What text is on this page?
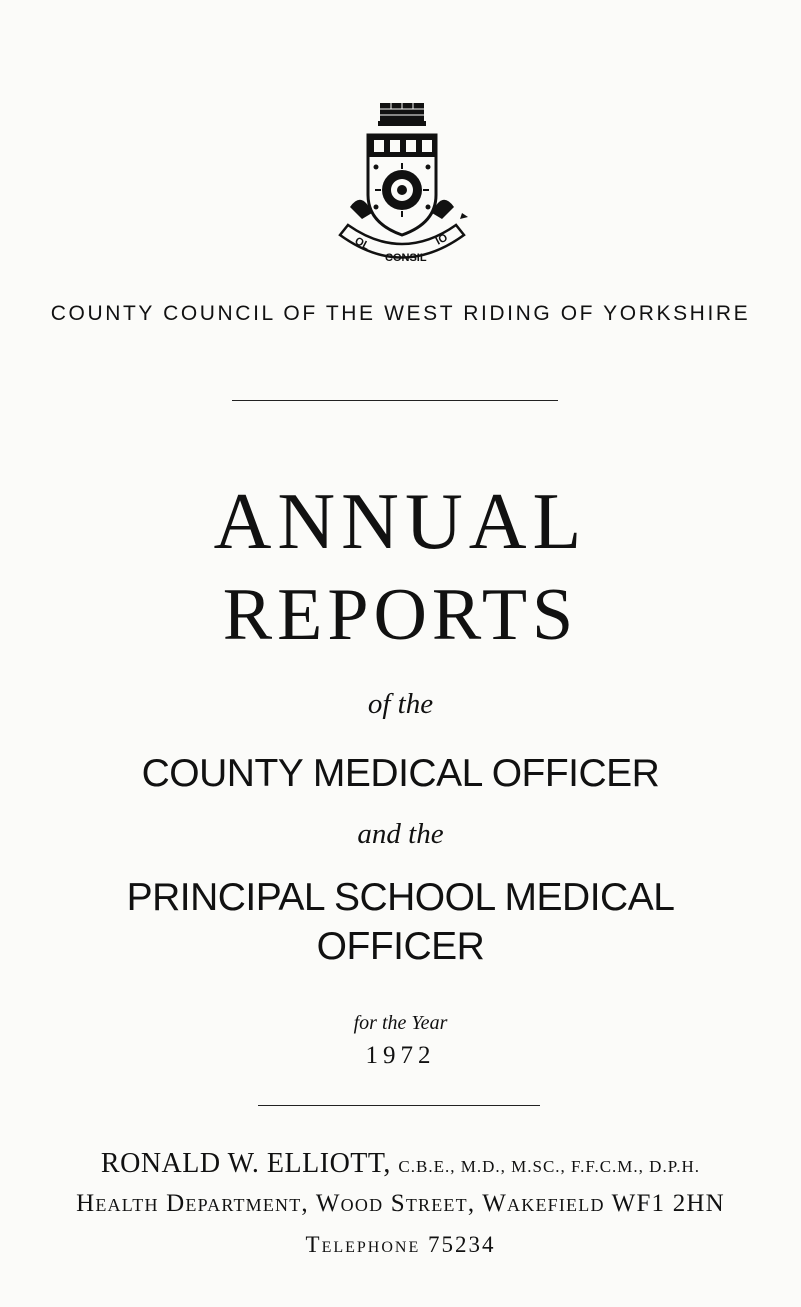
OL
CONSIL
IO
COUNTY COUNCIL OF THE WEST RIDING OF YORKSHIRE
ANNUAL
REPORTS
of the
COUNTY MEDICAL OFFICER
and the
PRINCIPAL SCHOOL MEDICAL
OFFICER
for the Year
1972
RONALD W. ELLIOTT, C.B.E., M.D., M.SC., F.F.C.M., D.P.H.
Health Department, Wood Street, Wakefield WF1 2HN
Telephone 75234
